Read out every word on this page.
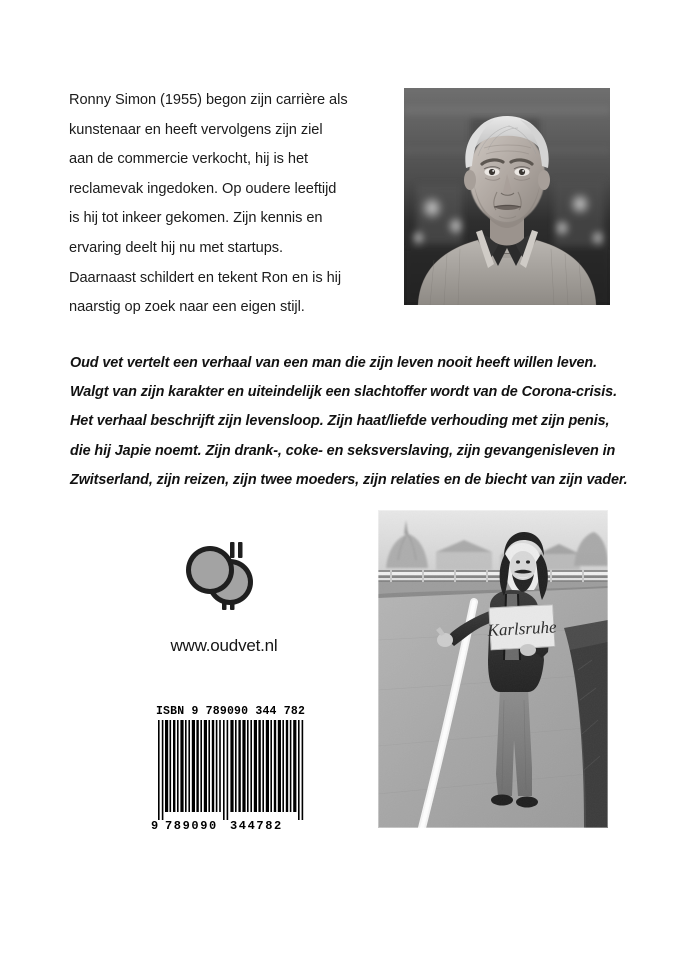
Ronny Simon (1955) begon zijn carrière als
kunstenaar en heeft vervolgens zijn ziel
aan de commercie verkocht, hij is het
reclamevak ingedoken. Op oudere leeftijd
is hij tot inkeer gekomen. Zijn kennis en
ervaring deelt hij nu met startups.
Daarnaast schildert en tekent Ron en is hij
naarstig op zoek naar een eigen stijl.
Oud vet vertelt een verhaal van een man die zijn leven nooit heeft willen leven.
Walgt van zijn karakter en uiteindelijk een slachtoffer wordt van de Corona-crisis.
Het verhaal beschrijft zijn levensloop. Zijn haat/liefde verhouding met zijn penis,
die hij Japie noemt. Zijn drank-, coke- en seksverslaving, zijn gevangenisleven in
Zwitserland, zijn reizen, zijn twee moeders, zijn relaties en de biecht van zijn vader.
www.oudvet.nl
ISBN 9 789090 344 782
9 789090 344782
